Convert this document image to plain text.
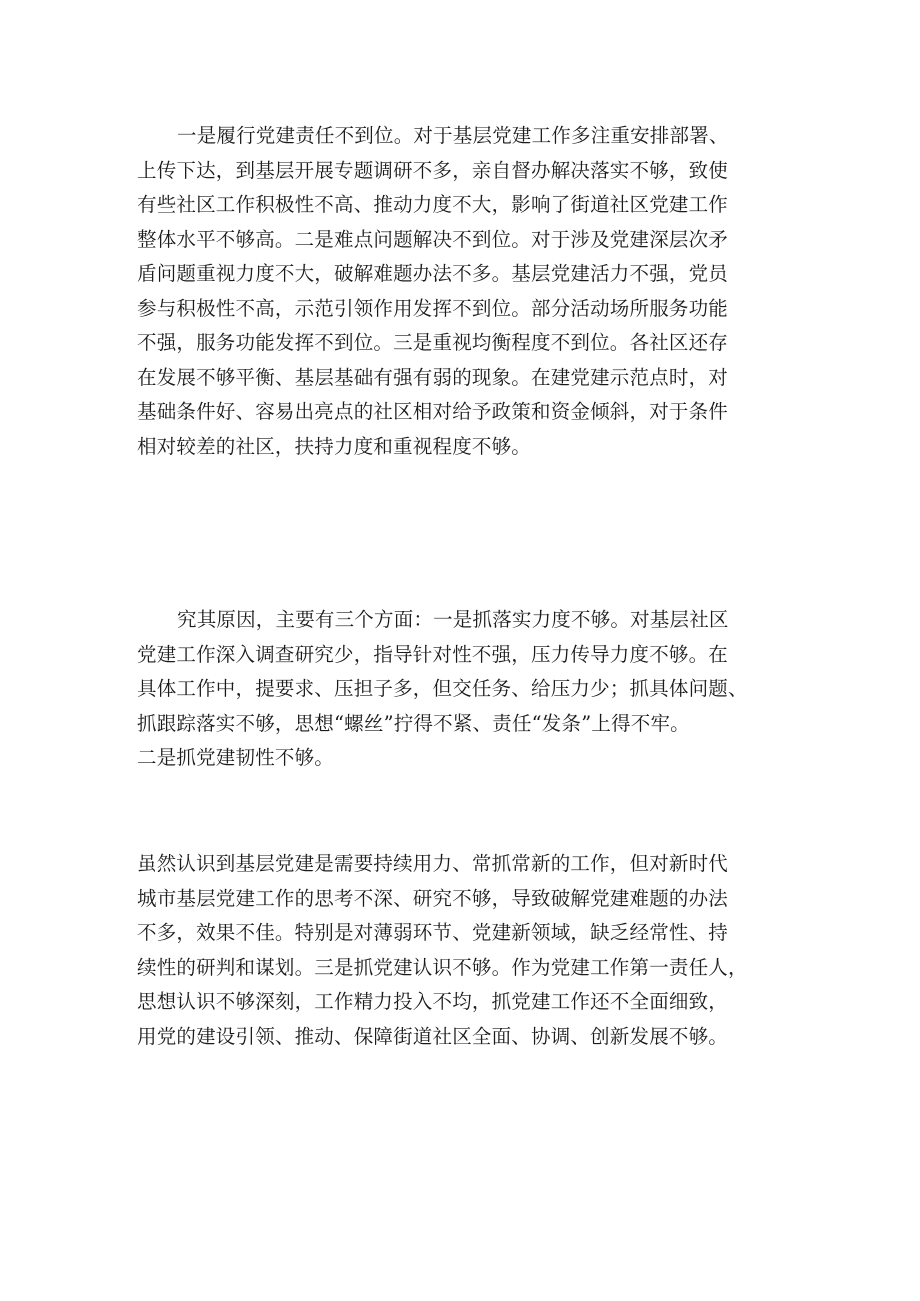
一是履行党建责任不到位。对于基层党建工作多注重安排部署、
上传下达，到基层开展专题调研不多，亲自督办解决落实不够，致使
有些社区工作积极性不高、推动力度不大，影响了街道社区党建工作
整体水平不够高。二是难点问题解决不到位。对于涉及党建深层次矛
盾问题重视力度不大，破解难题办法不多。基层党建活力不强，党员
参与积极性不高，示范引领作用发挥不到位。部分活动场所服务功能
不强，服务功能发挥不到位。三是重视均衡程度不到位。各社区还存
在发展不够平衡、基层基础有强有弱的现象。在建党建示范点时，对
基础条件好、容易出亮点的社区相对给予政策和资金倾斜，对于条件
相对较差的社区，扶持力度和重视程度不够。
究其原因，主要有三个方面：一是抓落实力度不够。对基层社区
党建工作深入调查研究少，指导针对性不强，压力传导力度不够。在
具体工作中，提要求、压担子多，但交任务、给压力少；抓具体问题、
抓跟踪落实不够，思想“螺丝”拧得不紧、责任“发条”上得不牢。
二是抓党建韧性不够。
虽然认识到基层党建是需要持续用力、常抓常新的工作，但对新时代
城市基层党建工作的思考不深、研究不够，导致破解党建难题的办法
不多，效果不佳。特别是对薄弱环节、党建新领域，缺乏经常性、持
续性的研判和谋划。三是抓党建认识不够。作为党建工作第一责任人，
思想认识不够深刻，工作精力投入不均，抓党建工作还不全面细致，
用党的建设引领、推动、保障街道社区全面、协调、创新发展不够。
